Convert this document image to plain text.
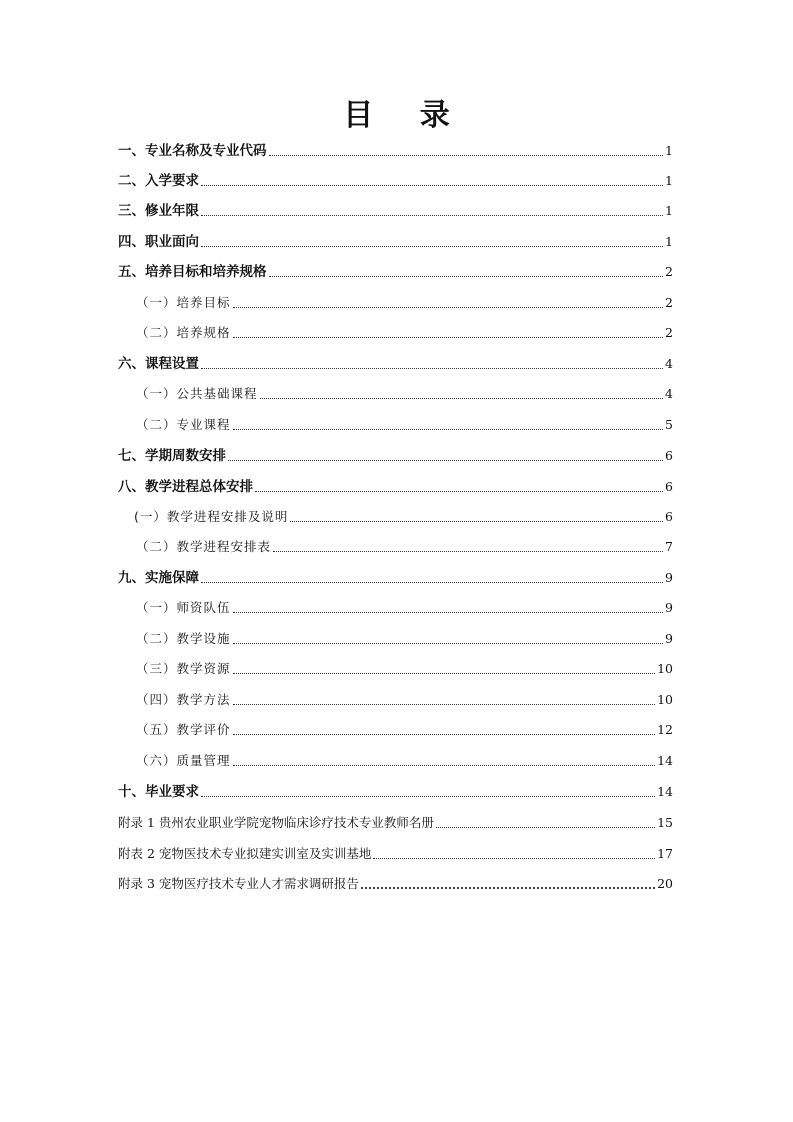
目 录
一、专业名称及专业代码	1
二、入学要求	1
三、修业年限	1
四、职业面向	1
五、培养目标和培养规格	2
（一）培养目标	2
（二）培养规格	2
六、课程设置	4
（一）公共基础课程	4
（二）专业课程	5
七、学期周数安排	6
八、教学进程总体安排	6
(一）教学进程安排及说明	6
（二）教学进程安排表	7
九、实施保障	9
（一）师资队伍	9
（二）教学设施	9
（三）教学资源	10
（四）教学方法	10
（五）教学评价	12
（六）质量管理	14
十、毕业要求	14
附录 1 贵州农业职业学院宠物临床诊疗技术专业教师名册	15
附表 2 宠物医技术专业拟建实训室及实训基地	17
附录 3 宠物医疗技术专业人才需求调研报告	20
